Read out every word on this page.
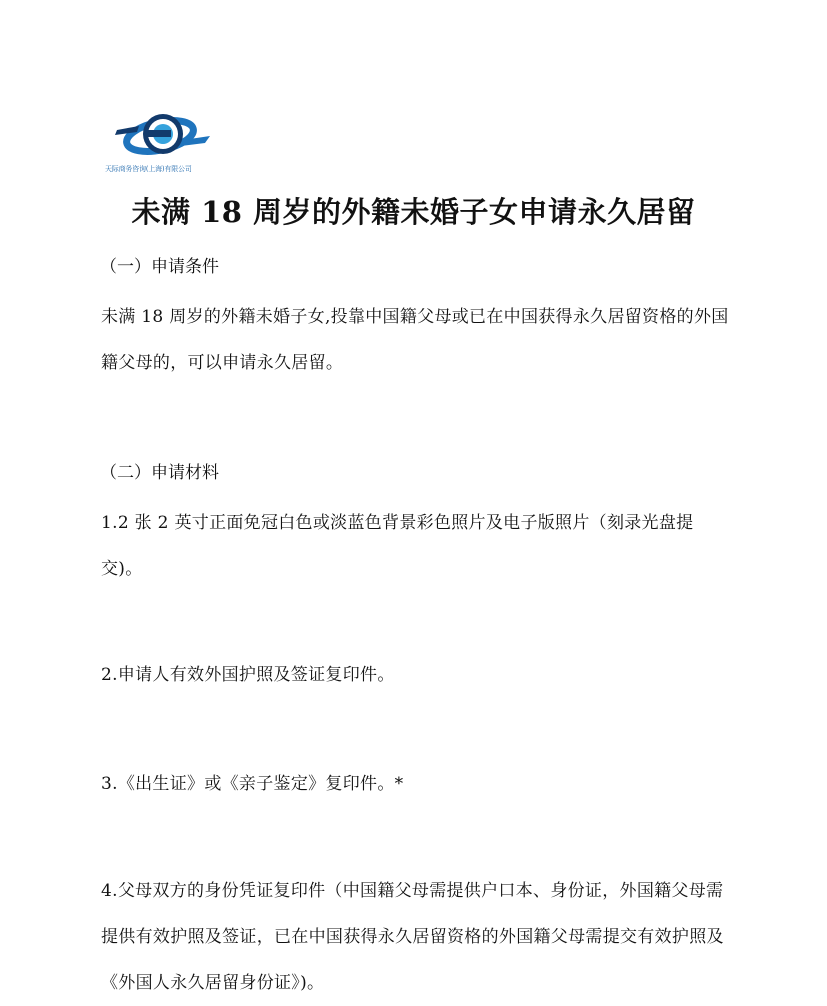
天际商务咨询(上海)有限公司
未满 18 周岁的外籍未婚子女申请永久居留

（一）申请条件

未满 18 周岁的外籍未婚子女,投靠中国籍父母或已在中国获得永久居留资格的外国籍父母的，可以申请永久居留。

（二）申请材料

1.2 张 2 英寸正面免冠白色或淡蓝色背景彩色照片及电子版照片（刻录光盘提交)。

2.申请人有效外国护照及签证复印件。

3.《出生证》或《亲子鉴定》复印件。*

4.父母双方的身份凭证复印件（中国籍父母需提供户口本、身份证，外国籍父母需提供有效护照及签证，已在中国获得永久居留资格的外国籍父母需提交有效护照及《外国人永久居留身份证》)。
